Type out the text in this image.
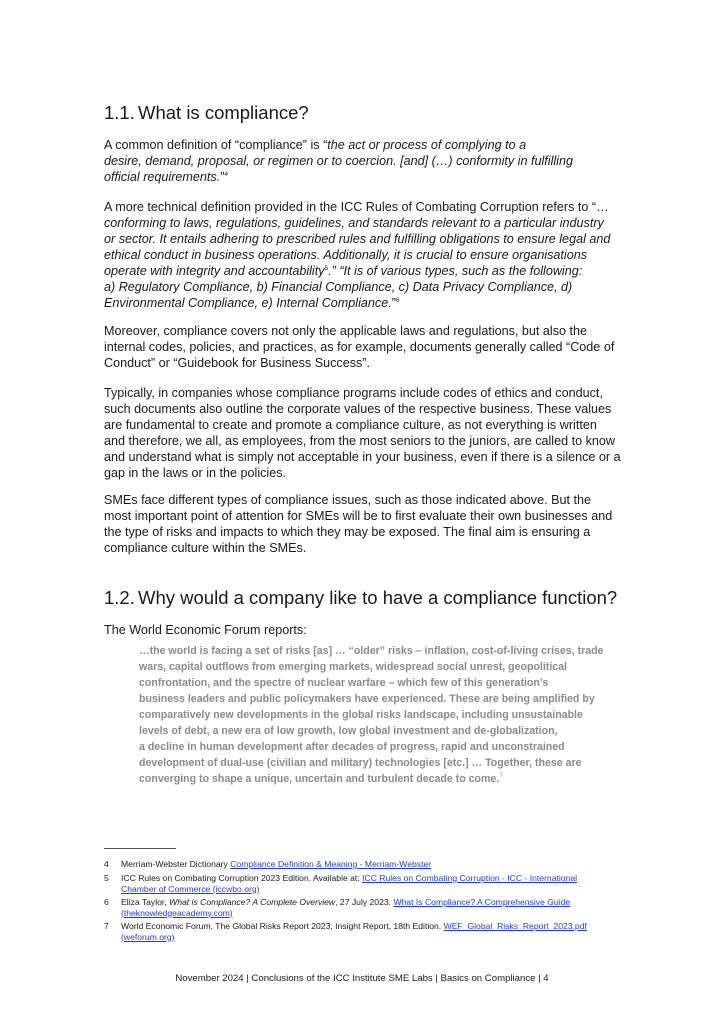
1.1. What is compliance?
A common definition of “compliance” is “the act or process of complying to a
desire, demand, proposal, or regimen or to coercion. [and] (…) conformity in fulfilling
official requirements.”$^4$
A more technical definition provided in the ICC Rules of Combating Corruption refers to “…
conforming to laws, regulations, guidelines, and standards relevant to a particular industry
or sector. It entails adhering to prescribed rules and fulfilling obligations to ensure legal and
ethical conduct in business operations. Additionally, it is crucial to ensure organisations
operate with integrity and accountability$^5$.” “It is of various types, such as the following:
a) Regulatory Compliance, b) Financial Compliance, c) Data Privacy Compliance, d)
Environmental Compliance, e) Internal Compliance.”$^6$
Moreover, compliance covers not only the applicable laws and regulations, but also the
internal codes, policies, and practices, as for example, documents generally called “Code of
Conduct” or “Guidebook for Business Success”.
Typically, in companies whose compliance programs include codes of ethics and conduct,
such documents also outline the corporate values of the respective business. These values
are fundamental to create and promote a compliance culture, as not everything is written
and therefore, we all, as employees, from the most seniors to the juniors, are called to know
and understand what is simply not acceptable in your business, even if there is a silence or a
gap in the laws or in the policies.
SMEs face different types of compliance issues, such as those indicated above. But the
most important point of attention for SMEs will be to first evaluate their own businesses and
the type of risks and impacts to which they may be exposed. The final aim is ensuring a
compliance culture within the SMEs.
1.2. Why would a company like to have a compliance function?
The World Economic Forum reports:
…the world is facing a set of risks [as] … “older” risks – inflation, cost-of-living crises, trade
wars, capital outflows from emerging markets, widespread social unrest, geopolitical
confrontation, and the spectre of nuclear warfare – which few of this generation’s
business leaders and public policymakers have experienced. These are being amplified by
comparatively new developments in the global risks landscape, including unsustainable
levels of debt, a new era of low growth, low global investment and de-globalization,
a decline in human development after decades of progress, rapid and unconstrained
development of dual-use (civilian and military) technologies [etc.] … Together, these are
converging to shape a unique, uncertain and turbulent decade to come.$^7$
4 Merriam-Webster Dictionary Compliance Definition & Meaning - Merriam-Webster
5 ICC Rules on Combating Corruption 2023 Edition. Available at: ICC Rules on Combating Corruption - ICC - International
Chamber of Commerce (iccwbo.org)
6 Eliza Taylor, What is Compliance? A Complete Overview, 27 July 2023. What Is Compliance? A Comprehensive Guide
(theknowledgeacademy.com)
7 World Economic Forum, The Global Risks Report 2023, Insight Report, 18th Edition. WEF_Global_Risks_Report_2023.pdf
(weforum.org)
November 2024 | Conclusions of the ICC Institute SME Labs | Basics on Compliance | 4
